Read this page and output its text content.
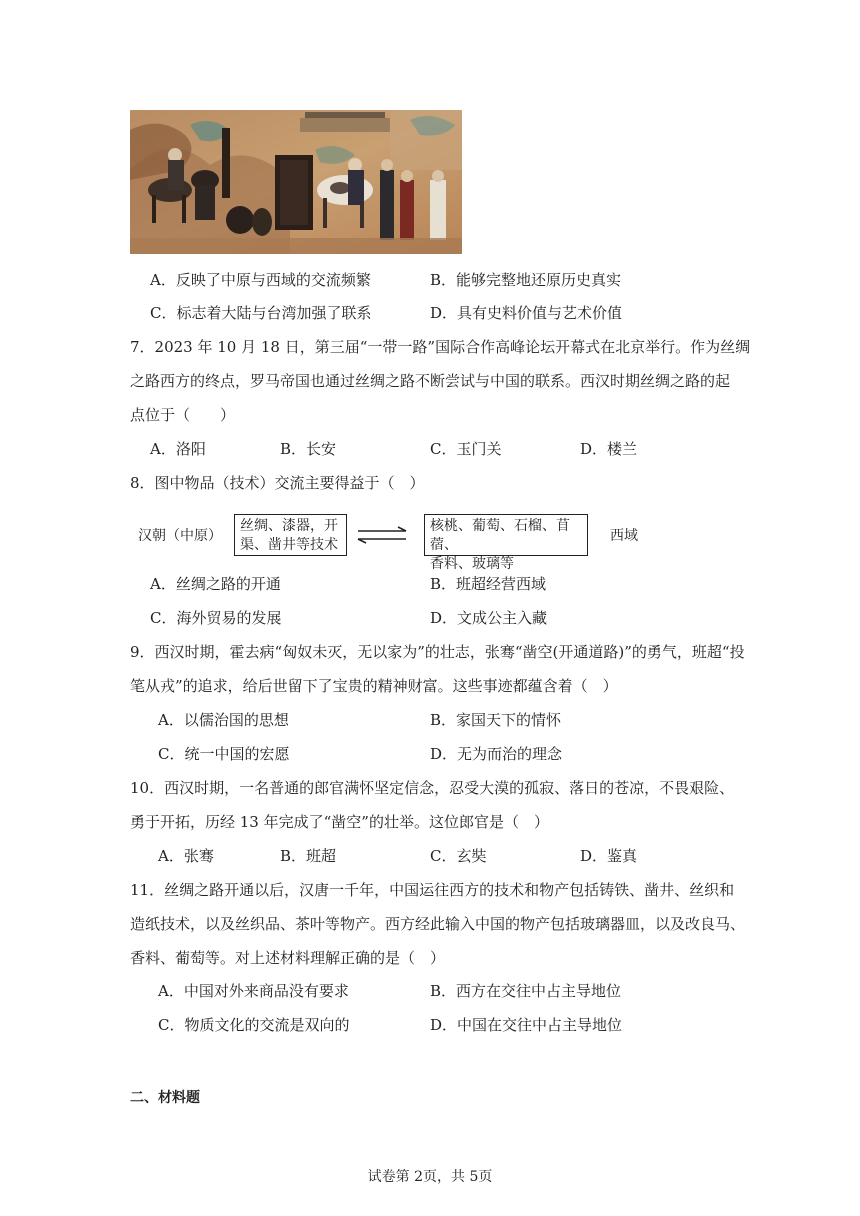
A．反映了中原与西域的交流频繁	B．能够完整地还原历史真实
C．标志着大陆与台湾加强了联系	D．具有史料价值与艺术价值
7．2023 年 10 月 18 日，第三届“一带一路”国际合作高峰论坛开幕式在北京举行。作为丝绸
之路西方的终点，罗马帝国也通过丝绸之路不断尝试与中国的联系。西汉时期丝绸之路的起
点位于（　　）
A．洛阳	B．长安	C．玉门关	D．楼兰
8．图中物品（技术）交流主要得益于（　）
汉朝（中原）
丝绸、漆器，开
渠、凿井等技术
核桃、葡萄、石榴、苜蓿、
香料、玻璃等
西域
A．丝绸之路的开通	B．班超经营西域
C．海外贸易的发展	D．文成公主入藏
9．西汉时期，霍去病“匈奴未灭，无以家为”的壮志，张骞“凿空(开通道路)”的勇气，班超“投
笔从戎”的追求，给后世留下了宝贵的精神财富。这些事迹都蕴含着（　）
A．以儒治国的思想	B．家国天下的情怀
C．统一中国的宏愿	D．无为而治的理念
10．西汉时期，一名普通的郎官满怀坚定信念，忍受大漠的孤寂、落日的苍凉，不畏艰险、
勇于开拓，历经 13 年完成了“凿空”的壮举。这位郎官是（　）
A．张骞	B．班超	C．玄奘	D．鉴真
11．丝绸之路开通以后，汉唐一千年，中国运往西方的技术和物产包括铸铁、凿井、丝织和
造纸技术，以及丝织品、茶叶等物产。西方经此输入中国的物产包括玻璃器皿，以及改良马、
香料、葡萄等。对上述材料理解正确的是（　）
A．中国对外来商品没有要求	B．西方在交往中占主导地位
C．物质文化的交流是双向的	D．中国在交往中占主导地位
二、材料题
试卷第 2页，共 5页
